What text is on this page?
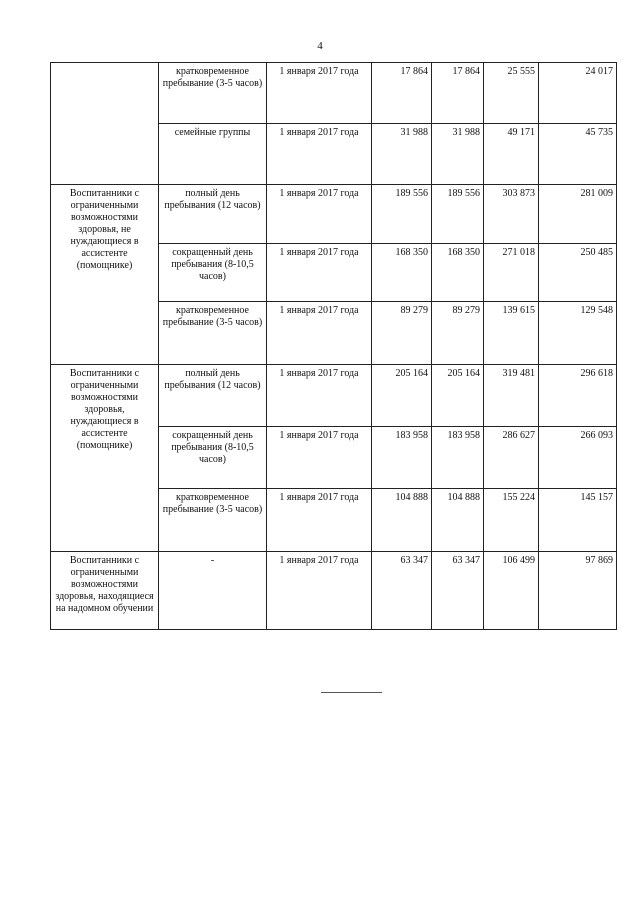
4
	кратковременное пребывание (3-5 часов)	1 января 2017 года	17 864	17 864	25 555	24 017
	семейные группы	1 января 2017 года	31 988	31 988	49 171	45 735
Воспитанники с ограниченными возможностями здоровья, не нуждающиеся в ассистенте (помощнике)	полный день пребывания (12 часов)	1 января 2017 года	189 556	189 556	303 873	281 009
	сокращенный день пребывания (8-10,5 часов)	1 января 2017 года	168 350	168 350	271 018	250 485
	кратковременное пребывание (3-5 часов)	1 января 2017 года	89 279	89 279	139 615	129 548
Воспитанники с ограниченными возможностями здоровья, нуждающиеся в ассистенте (помощнике)	полный день пребывания (12 часов)	1 января 2017 года	205 164	205 164	319 481	296 618
	сокращенный день пребывания (8-10,5 часов)	1 января 2017 года	183 958	183 958	286 627	266 093
	кратковременное пребывание (3-5 часов)	1 января 2017 года	104 888	104 888	155 224	145 157
Воспитанники с ограниченными возможностями здоровья, находящиеся на надомном обучении	-	1 января 2017 года	63 347	63 347	106 499	97 869
